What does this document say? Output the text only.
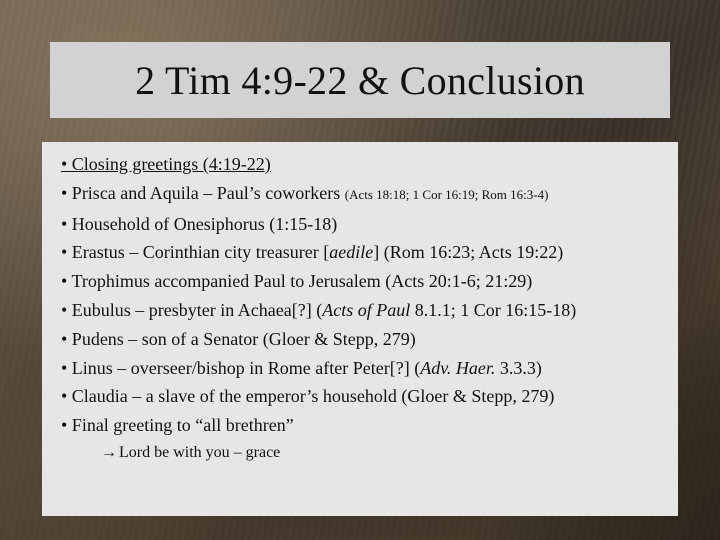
2 Tim 4:9-22 & Conclusion
• Closing greetings (4:19-22)
• Prisca and Aquila – Paul’s coworkers (Acts 18:18; 1 Cor 16:19; Rom 16:3-4)
• Household of Onesiphorus (1:15-18)
• Erastus – Corinthian city treasurer [aedile] (Rom 16:23; Acts 19:22)
• Trophimus accompanied Paul to Jerusalem (Acts 20:1-6; 21:29)
• Eubulus – presbyter in Achaea[?] (Acts of Paul 8.1.1; 1 Cor 16:15-18)
• Pudens – son of a Senator (Gloer & Stepp, 279)
• Linus – overseer/bishop in Rome after Peter[?] (Adv. Haer. 3.3.3)
• Claudia – a slave of the emperor’s household (Gloer & Stepp, 279)
• Final greeting to “all brethren”
→ Lord be with you – grace
